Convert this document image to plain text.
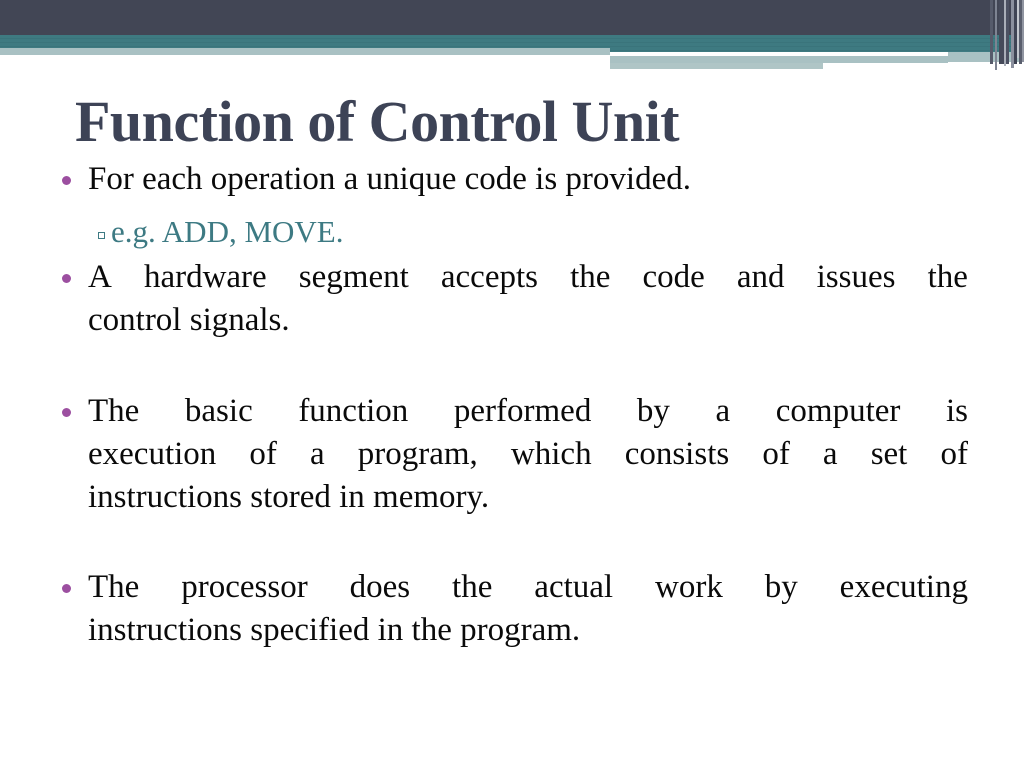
Function of Control Unit
For each operation a unique code is provided.
e.g. ADD, MOVE.
A hardware segment accepts the code and issues the
control signals.
The basic function performed by a computer is
execution of a program, which consists of a set of
instructions stored in memory.
The processor does the actual work by executing
instructions specified in the program.
